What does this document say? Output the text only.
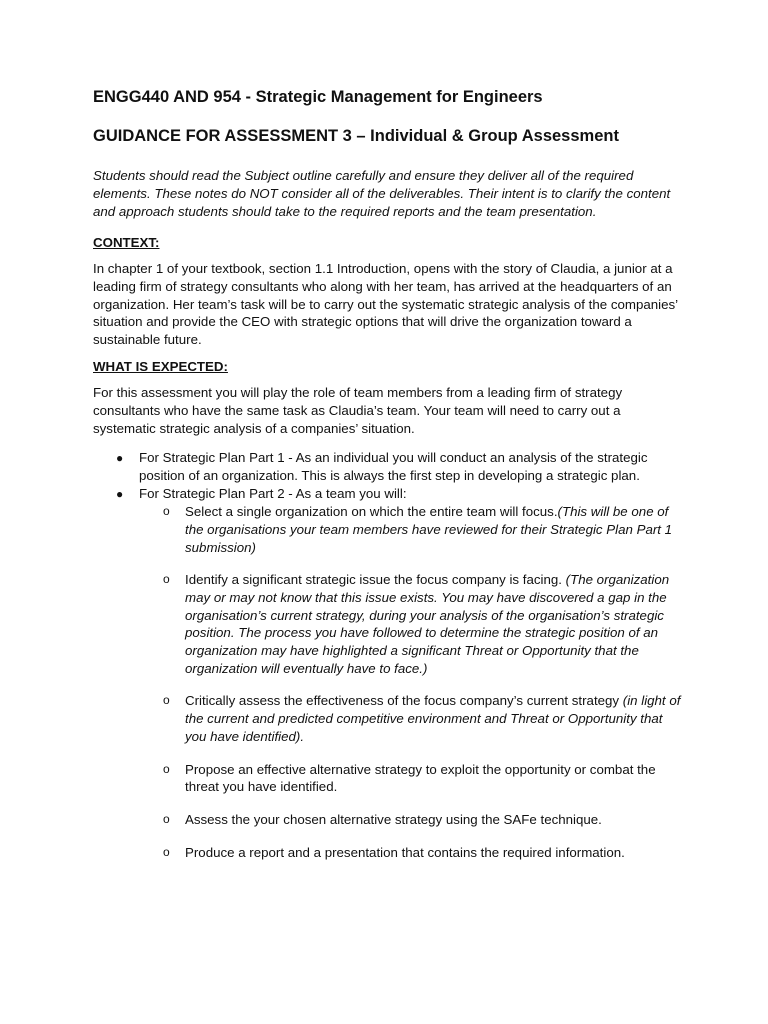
ENGG440 AND 954 - Strategic Management for Engineers
GUIDANCE FOR ASSESSMENT 3 – Individual & Group Assessment

Students should read the Subject outline carefully and ensure they deliver all of the required elements. These notes do NOT consider all of the deliverables. Their intent is to clarify the content and approach students should take to the required reports and the team presentation.

CONTEXT:

In chapter 1 of your textbook, section 1.1 Introduction, opens with the story of Claudia, a junior at a leading firm of strategy consultants who along with her team, has arrived at the headquarters of an organization. Her team’s task will be to carry out the systematic strategic analysis of the companies’ situation and provide the CEO with strategic options that will drive the organization toward a sustainable future.

WHAT IS EXPECTED:

For this assessment you will play the role of team members from a leading firm of strategy consultants who have the same task as Claudia’s team. Your team will need to carry out a systematic strategic analysis of a companies’ situation.

● For Strategic Plan Part 1 - As an individual you will conduct an analysis of the strategic position of an organization. This is always the first step in developing a strategic plan.
● For Strategic Plan Part 2 - As a team you will:
o Select a single organization on which the entire team will focus.(This will be one of the organisations your team members have reviewed for their Strategic Plan Part 1 submission)
o Identify a significant strategic issue the focus company is facing. (The organization may or may not know that this issue exists. You may have discovered a gap in the organisation’s current strategy, during your analysis of the organisation’s strategic position. The process you have followed to determine the strategic position of an organization may have highlighted a significant Threat or Opportunity that the organization will eventually have to face.)
o Critically assess the effectiveness of the focus company’s current strategy (in light of the current and predicted competitive environment and Threat or Opportunity that you have identified).
o Propose an effective alternative strategy to exploit the opportunity or combat the threat you have identified.
o Assess the your chosen alternative strategy using the SAFe technique.
o Produce a report and a presentation that contains the required information.
